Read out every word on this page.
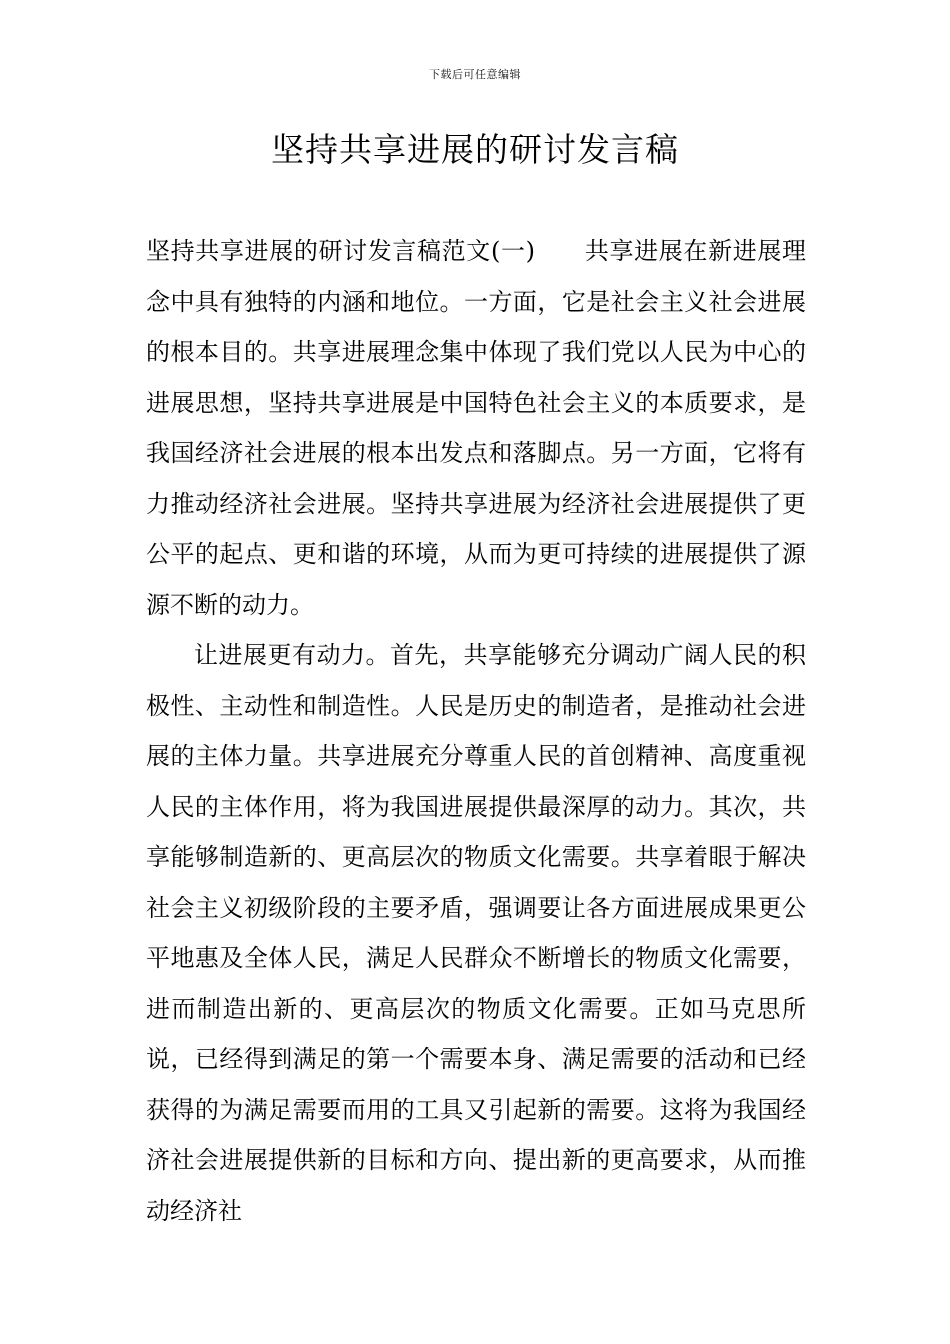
下载后可任意编辑
坚持共享进展的研讨发言稿

坚持共享进展的研讨发言稿范文(一)　　共享进展在新进展理念中具有独特的内涵和地位。一方面，它是社会主义社会进展的根本目的。共享进展理念集中体现了我们党以人民为中心的进展思想，坚持共享进展是中国特色社会主义的本质要求，是我国经济社会进展的根本出发点和落脚点。另一方面，它将有力推动经济社会进展。坚持共享进展为经济社会进展提供了更公平的起点、更和谐的环境，从而为更可持续的进展提供了源源不断的动力。

让进展更有动力。首先，共享能够充分调动广阔人民的积极性、主动性和制造性。人民是历史的制造者，是推动社会进展的主体力量。共享进展充分尊重人民的首创精神、高度重视人民的主体作用，将为我国进展提供最深厚的动力。其次，共享能够制造新的、更高层次的物质文化需要。共享着眼于解决社会主义初级阶段的主要矛盾，强调要让各方面进展成果更公平地惠及全体人民，满足人民群众不断增长的物质文化需要，进而制造出新的、更高层次的物质文化需要。正如马克思所说，已经得到满足的第一个需要本身、满足需要的活动和已经获得的为满足需要而用的工具又引起新的需要。这将为我国经济社会进展提供新的目标和方向、提出新的更高要求，从而推动经济社
